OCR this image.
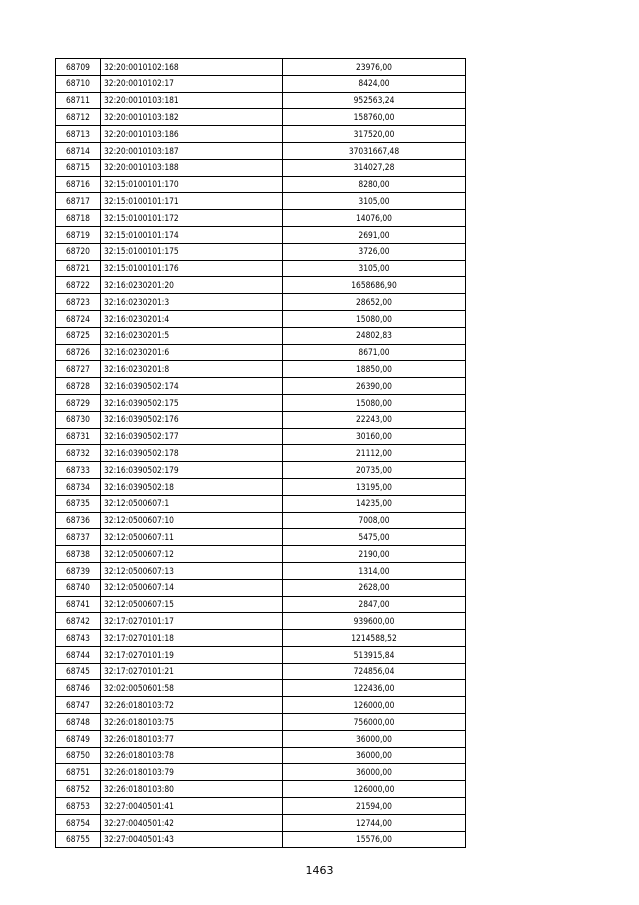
68709	32:20:0010102:168	23976,00
68710	32:20:0010102:17	8424,00
68711	32:20:0010103:181	952563,24
68712	32:20:0010103:182	158760,00
68713	32:20:0010103:186	317520,00
68714	32:20:0010103:187	37031667,48
68715	32:20:0010103:188	314027,28
68716	32:15:0100101:170	8280,00
68717	32:15:0100101:171	3105,00
68718	32:15:0100101:172	14076,00
68719	32:15:0100101:174	2691,00
68720	32:15:0100101:175	3726,00
68721	32:15:0100101:176	3105,00
68722	32:16:0230201:20	1658686,90
68723	32:16:0230201:3	28652,00
68724	32:16:0230201:4	15080,00
68725	32:16:0230201:5	24802,83
68726	32:16:0230201:6	8671,00
68727	32:16:0230201:8	18850,00
68728	32:16:0390502:174	26390,00
68729	32:16:0390502:175	15080,00
68730	32:16:0390502:176	22243,00
68731	32:16:0390502:177	30160,00
68732	32:16:0390502:178	21112,00
68733	32:16:0390502:179	20735,00
68734	32:16:0390502:18	13195,00
68735	32:12:0500607:1	14235,00
68736	32:12:0500607:10	7008,00
68737	32:12:0500607:11	5475,00
68738	32:12:0500607:12	2190,00
68739	32:12:0500607:13	1314,00
68740	32:12:0500607:14	2628,00
68741	32:12:0500607:15	2847,00
68742	32:17:0270101:17	939600,00
68743	32:17:0270101:18	1214588,52
68744	32:17:0270101:19	513915,84
68745	32:17:0270101:21	724856,04
68746	32:02:0050601:58	122436,00
68747	32:26:0180103:72	126000,00
68748	32:26:0180103:75	756000,00
68749	32:26:0180103:77	36000,00
68750	32:26:0180103:78	36000,00
68751	32:26:0180103:79	36000,00
68752	32:26:0180103:80	126000,00
68753	32:27:0040501:41	21594,00
68754	32:27:0040501:42	12744,00
68755	32:27:0040501:43	15576,00
1463
